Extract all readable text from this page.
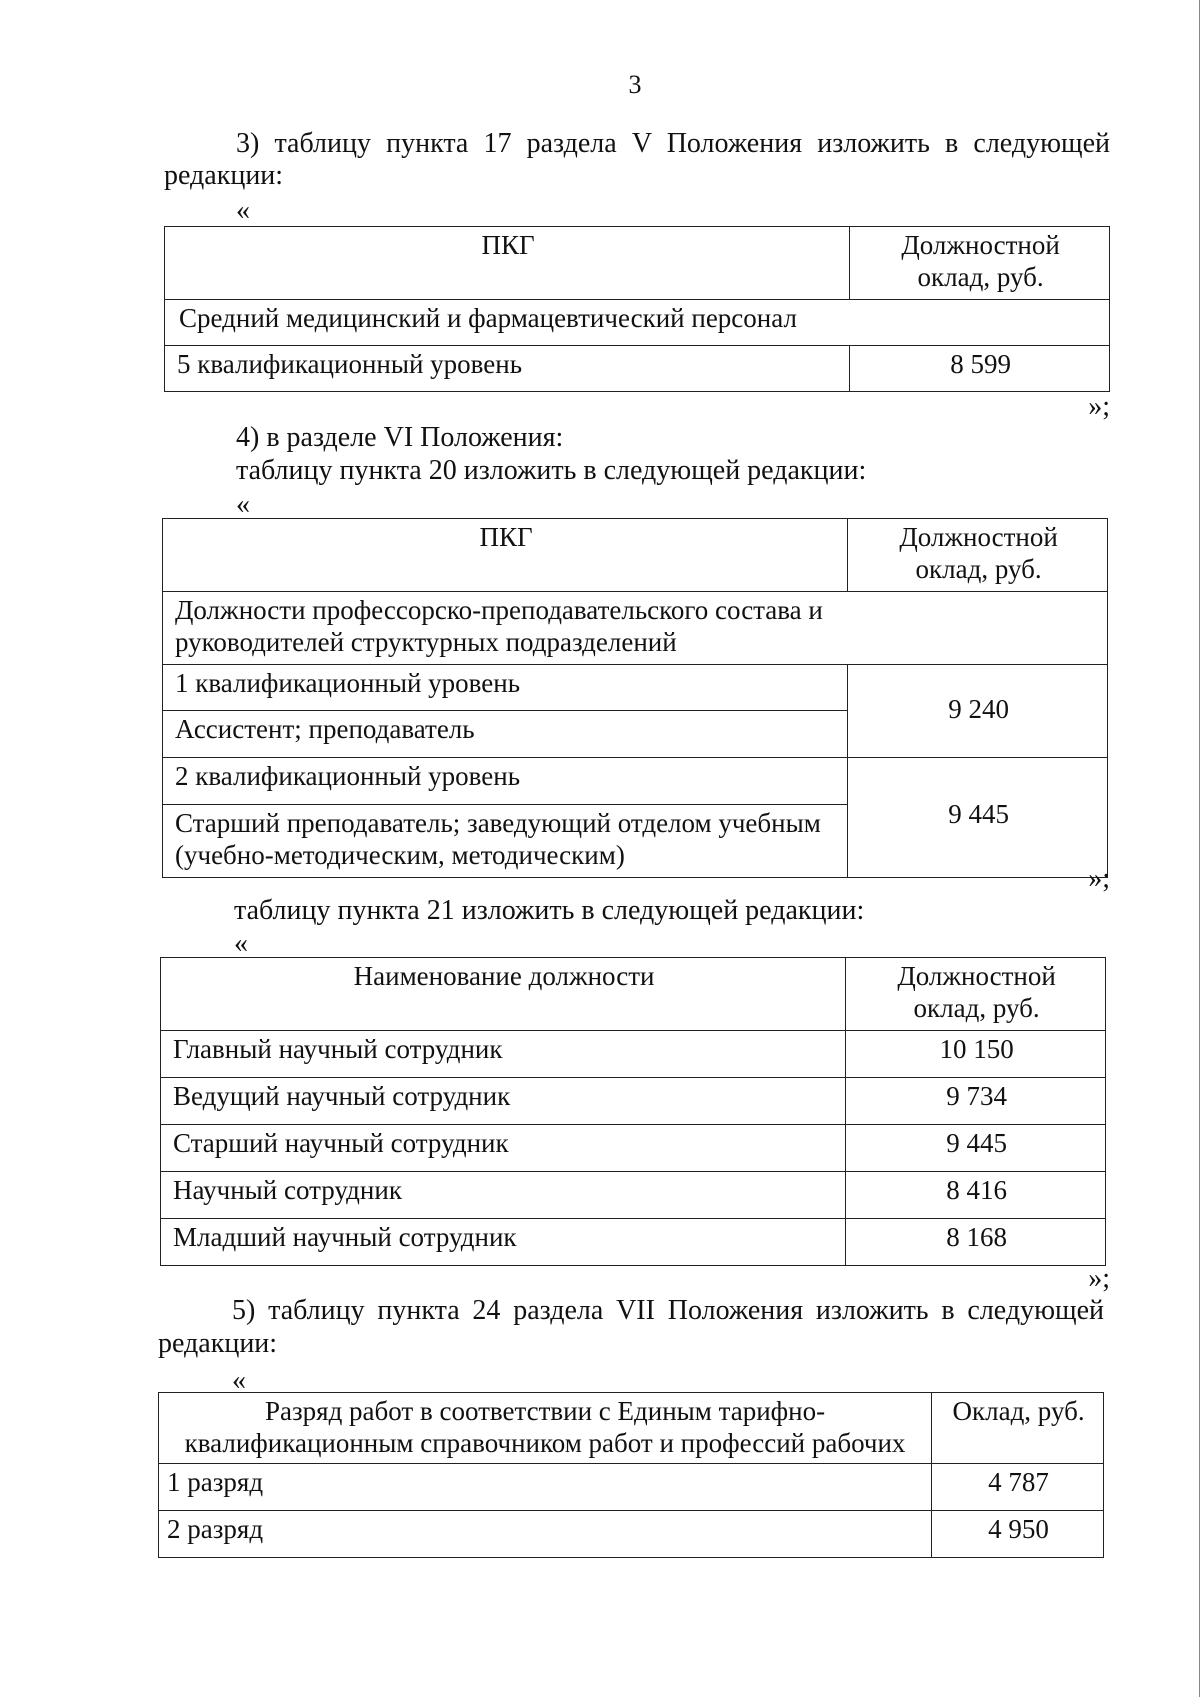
3

3) таблицу пункта 17 раздела V Положения изложить в следующей

редакции:

«
ПКГ	Должностной оклад, руб.
Средний медицинский и фармацевтический персонал	
5 квалификационный уровень	8 599
»;

4) в разделе VI Положения:

таблицу пункта 20 изложить в следующей редакции:

«
ПКГ	Должностной оклад, руб.
Должности профессорско-преподавательского состава и руководителей структурных подразделений	
1 квалификационный уровень	9 240
Ассистент; преподаватель	
2 квалификационный уровень	9 445
Старший преподаватель; заведующий отделом учебным (учебно-методическим, методическим)	
»;

таблицу пункта 21 изложить в следующей редакции:

«
Наименование должности	Должностной оклад, руб.
Главный научный сотрудник	10 150
Ведущий научный сотрудник	9 734
Старший научный сотрудник	9 445
Научный сотрудник	8 416
Младший научный сотрудник	8 168
»;

5) таблицу пункта 24 раздела VII Положения изложить в следующей

редакции:

«
Разряд работ в соответствии с Единым тарифно-квалификационным справочником работ и профессий рабочих	Оклад, руб.
1 разряд	4 787
2 разряд	4 950
